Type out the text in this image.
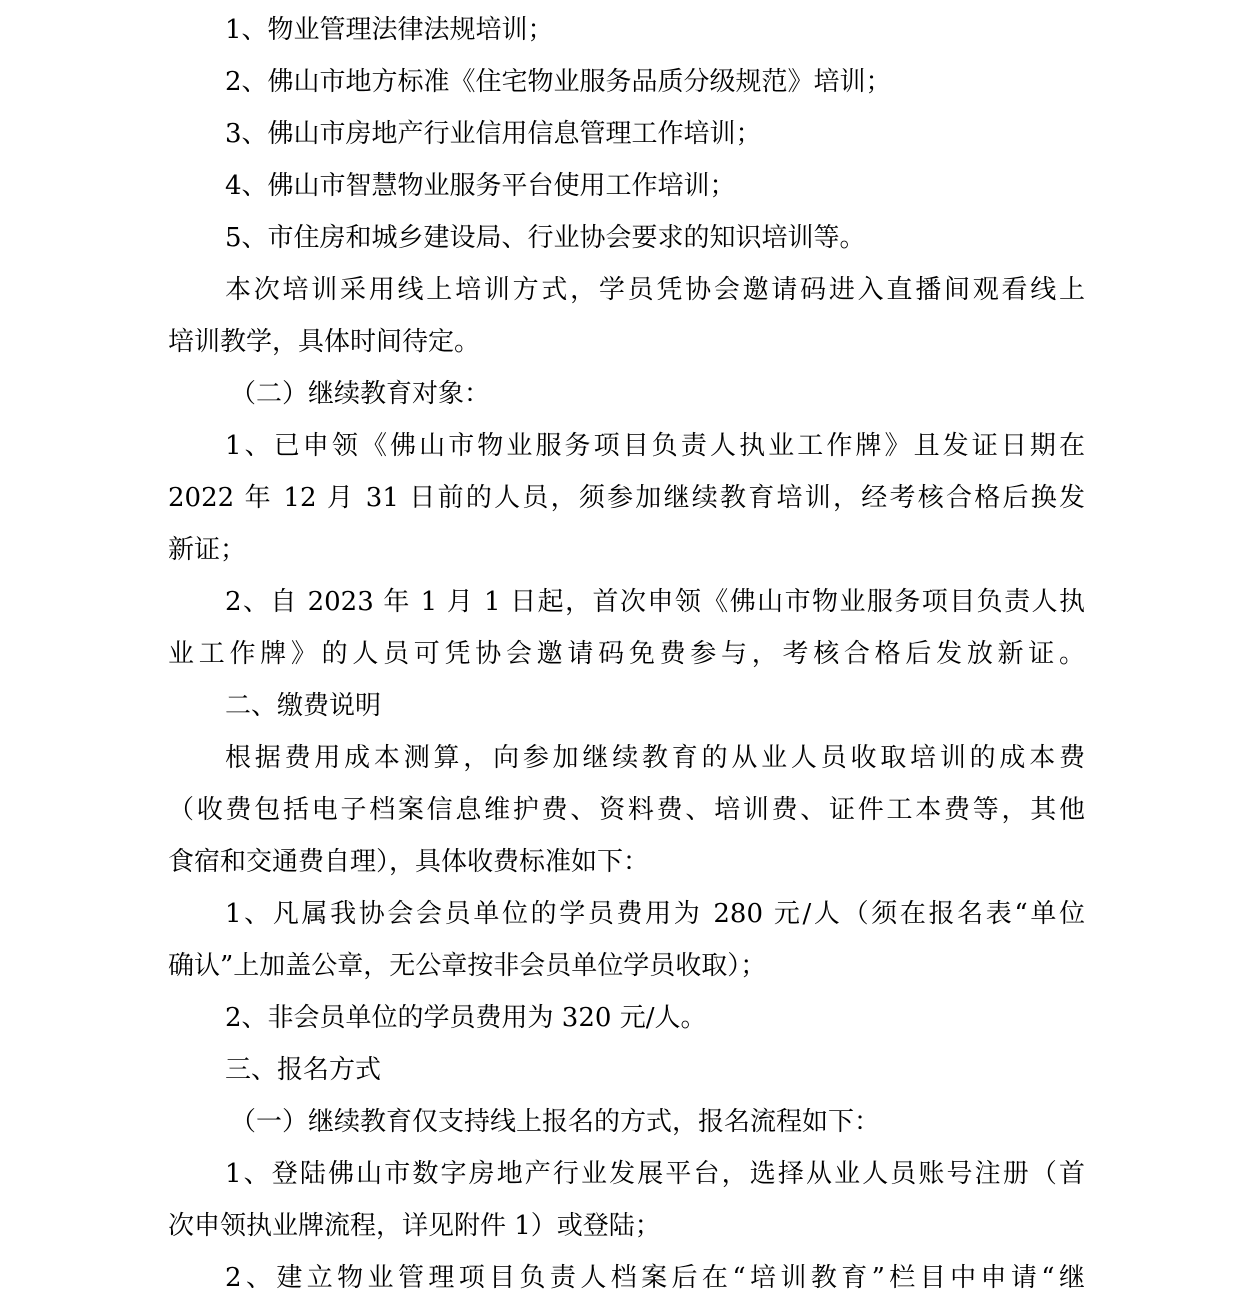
1、物业管理法律法规培训；
2、佛山市地方标准《住宅物业服务品质分级规范》培训；
3、佛山市房地产行业信用信息管理工作培训；
4、佛山市智慧物业服务平台使用工作培训；
5、市住房和城乡建设局、行业协会要求的知识培训等。
本次培训采用线上培训方式，学员凭协会邀请码进入直播间观看线上
培训教学，具体时间待定。
（二）继续教育对象：
1、已申领《佛山市物业服务项目负责人执业工作牌》且发证日期在
2022 年 12 月 31 日前的人员，须参加继续教育培训，经考核合格后换发
新证；
2、自 2023 年 1 月 1 日起，首次申领《佛山市物业服务项目负责人执
业工作牌》的人员可凭协会邀请码免费参与，考核合格后发放新证。
二、缴费说明
根据费用成本测算，向参加继续教育的从业人员收取培训的成本费
（收费包括电子档案信息维护费、资料费、培训费、证件工本费等，其他
食宿和交通费自理），具体收费标准如下：
1、凡属我协会会员单位的学员费用为 280 元/人（须在报名表“单位
确认”上加盖公章，无公章按非会员单位学员收取）；
2、非会员单位的学员费用为 320 元/人。
三、报名方式
（一）继续教育仅支持线上报名的方式，报名流程如下：
1、登陆佛山市数字房地产行业发展平台，选择从业人员账号注册（首
次申领执业牌流程，详见附件 1）或登陆；
2、建立物业管理项目负责人档案后在“培训教育”栏目中申请“继
